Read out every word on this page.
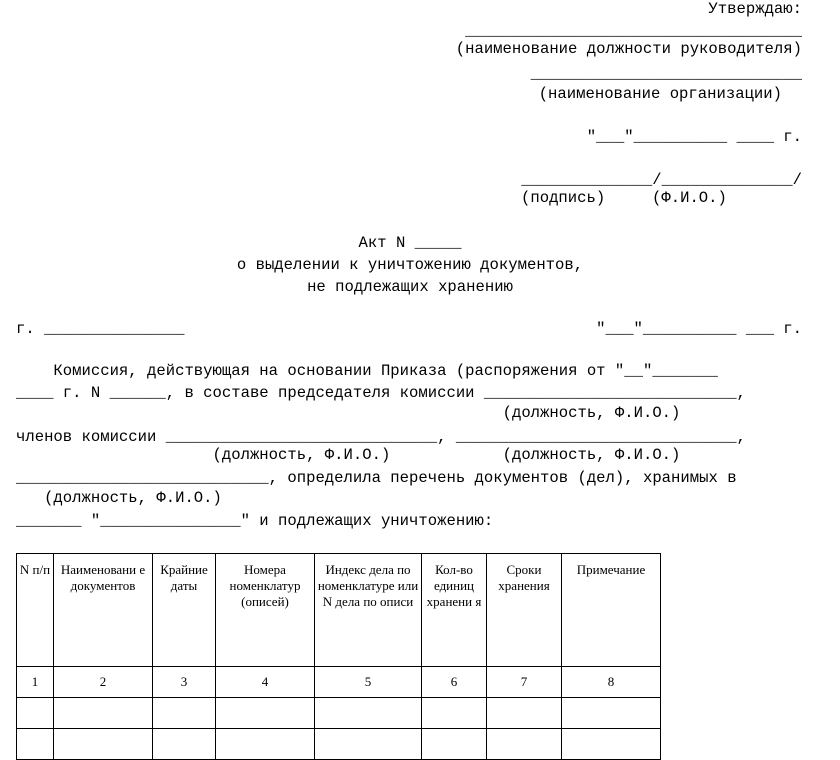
Утверждаю:
____________________________________
(наименование должности руководителя)
_____________________________
(наименование организации)
"___"__________ ____ г.
______________/______________/
(подпись)     (Ф.И.О.)
Акт N _____
о выделении к уничтожению документов,
не подлежащих хранению
г. _______________	"___"__________ ___ г.
Комиссия, действующая на основании Приказа (распоряжения от "__"_______
____ г. N ______, в составе председателя комиссии ___________________________,
(должность, Ф.И.О.)
членов комиссии _____________________________, ______________________________,
(должность, Ф.И.О.)            (должность, Ф.И.О.)
___________________________, определила перечень документов (дел), хранимых в
(должность, Ф.И.О.)
_______ "_______________" и подлежащих уничтожению:
N п/п	Наименовани е документов	Крайние даты	Номера номенклатур (описей)	Индекс дела по номенклатуре или N дела по описи	Кол-во единиц хранени я	Сроки хранения	Примечание
1	2	3	4	5	6	7	8
